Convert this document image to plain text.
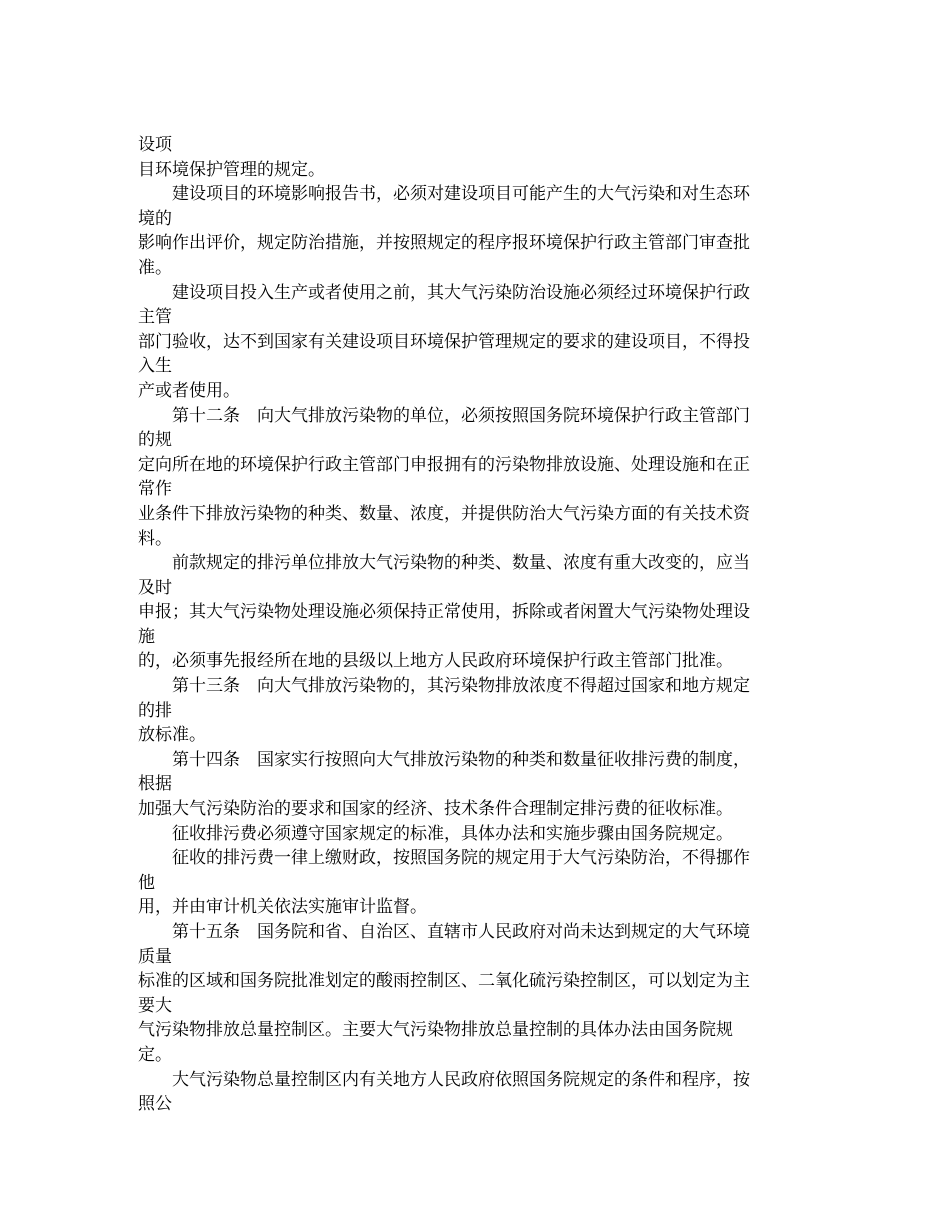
设项
目环境保护管理的规定。
　　建设项目的环境影响报告书，必须对建设项目可能产生的大气污染和对生态环
境的
影响作出评价，规定防治措施，并按照规定的程序报环境保护行政主管部门审查批
准。
　　建设项目投入生产或者使用之前，其大气污染防治设施必须经过环境保护行政
主管
部门验收，达不到国家有关建设项目环境保护管理规定的要求的建设项目，不得投
入生
产或者使用。
　　第十二条　向大气排放污染物的单位，必须按照国务院环境保护行政主管部门
的规
定向所在地的环境保护行政主管部门申报拥有的污染物排放设施、处理设施和在正
常作
业条件下排放污染物的种类、数量、浓度，并提供防治大气污染方面的有关技术资
料。
　　前款规定的排污单位排放大气污染物的种类、数量、浓度有重大改变的，应当
及时
申报；其大气污染物处理设施必须保持正常使用，拆除或者闲置大气污染物处理设
施
的，必须事先报经所在地的县级以上地方人民政府环境保护行政主管部门批准。
　　第十三条　向大气排放污染物的，其污染物排放浓度不得超过国家和地方规定
的排
放标准。
　　第十四条　国家实行按照向大气排放污染物的种类和数量征收排污费的制度，
根据
加强大气污染防治的要求和国家的经济、技术条件合理制定排污费的征收标准。
　　征收排污费必须遵守国家规定的标准，具体办法和实施步骤由国务院规定。
　　征收的排污费一律上缴财政，按照国务院的规定用于大气污染防治，不得挪作
他
用，并由审计机关依法实施审计监督。
　　第十五条　国务院和省、自治区、直辖市人民政府对尚未达到规定的大气环境
质量
标准的区域和国务院批准划定的酸雨控制区、二氧化硫污染控制区，可以划定为主
要大
气污染物排放总量控制区。主要大气污染物排放总量控制的具体办法由国务院规
定。
　　大气污染物总量控制区内有关地方人民政府依照国务院规定的条件和程序，按
照公
